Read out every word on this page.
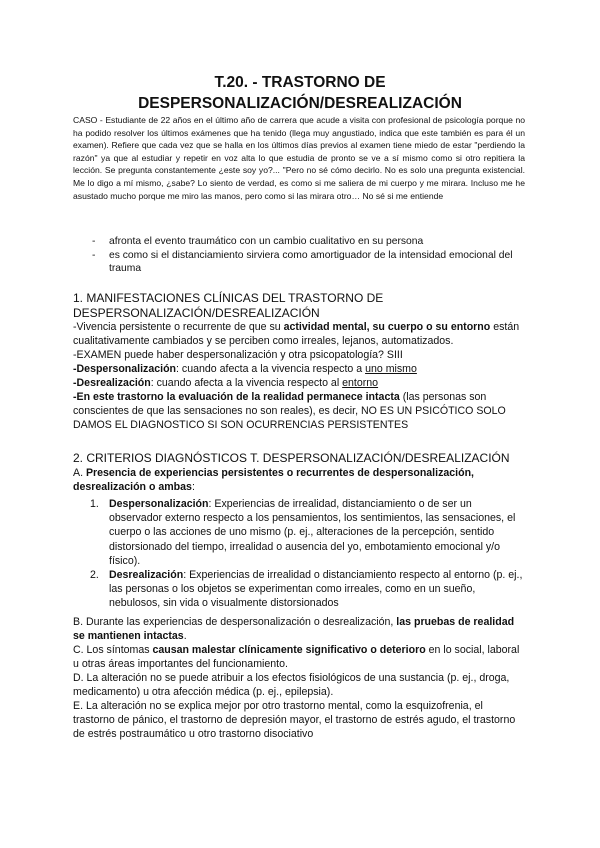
T.20. - TRASTORNO DE
DESPERSONALIZACIÓN/DESREALIZACIÓN

CASO - Estudiante de 22 años en el último año de carrera que acude a visita con profesional de psicología porque no ha podido resolver los últimos exámenes que ha tenido (llega muy angustiado, indica que este también es para él un examen). Refiere que cada vez que se halla en los últimos días previos al examen tiene miedo de estar "perdiendo la razón" ya que al estudiar y repetir en voz alta lo que estudia de pronto se ve a sí mismo como si otro repitiera la lección. Se pregunta constantemente ¿este soy yo?... "Pero no sé cómo decirlo. No es solo una pregunta existencial. Me lo digo a mí mismo, ¿sabe? Lo siento de verdad, es como si me saliera de mi cuerpo y me mirara. Incluso me he asustado mucho porque me miro las manos, pero como si las mirara otro… No sé si me entiende

- afronta el evento traumático con un cambio cualitativo en su persona
- es como si el distanciamiento sirviera como amortiguador de la intensidad emocional del trauma
1. MANIFESTACIONES CLÍNICAS DEL TRASTORNO DE DESPERSONALIZACIÓN/DESREALIZACIÓN
-Vivencia persistente o recurrente de que su actividad mental, su cuerpo o su entorno están cualitativamente cambiados y se perciben como irreales, lejanos, automatizados.
-EXAMEN puede haber despersonalización y otra psicopatología? SIII
-Despersonalización: cuando afecta a la vivencia respecto a uno mismo
-Desrealización: cuando afecta a la vivencia respecto al entorno
-En este trastorno la evaluación de la realidad permanece intacta (las personas son conscientes de que las sensaciones no son reales), es decir, NO ES UN PSICÓTICO SOLO DAMOS EL DIAGNOSTICO SI SON OCURRENCIAS PERSISTENTES
2. CRITERIOS DIAGNÓSTICOS T. DESPERSONALIZACIÓN/DESREALIZACIÓN
A. Presencia de experiencias persistentes o recurrentes de despersonalización, desrealización o ambas:
1. Despersonalización: Experiencias de irrealidad, distanciamiento o de ser un observador externo respecto a los pensamientos, los sentimientos, las sensaciones, el cuerpo o las acciones de uno mismo (p. ej., alteraciones de la percepción, sentido distorsionado del tiempo, irrealidad o ausencia del yo, embotamiento emocional y/o físico).
2. Desrealización: Experiencias de irrealidad o distanciamiento respecto al entorno (p. ej., las personas o los objetos se experimentan como irreales, como en un sueño, nebulosos, sin vida o visualmente distorsionados
B. Durante las experiencias de despersonalización o desrealización, las pruebas de realidad se mantienen intactas.
C. Los síntomas causan malestar clínicamente significativo o deterioro en lo social, laboral u otras áreas importantes del funcionamiento.
D. La alteración no se puede atribuir a los efectos fisiológicos de una sustancia (p. ej., droga, medicamento) u otra afección médica (p. ej., epilepsia).
E. La alteración no se explica mejor por otro trastorno mental, como la esquizofrenia, el trastorno de pánico, el trastorno de depresión mayor, el trastorno de estrés agudo, el trastorno de estrés postraumático u otro trastorno disociativo
